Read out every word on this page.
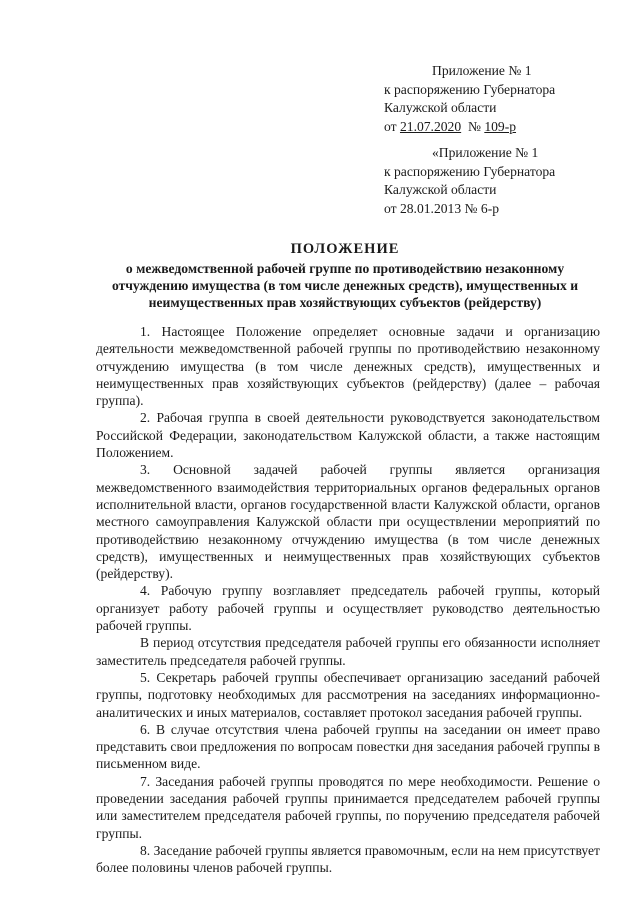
Приложение № 1
к распоряжению Губернатора
Калужской области
от 21.07.2020  № 109-р
«Приложение № 1
к распоряжению Губернатора
Калужской области
от 28.01.2013 № 6-р
ПОЛОЖЕНИЕ
о межведомственной рабочей группе по противодействию незаконному отчуждению имущества (в том числе денежных средств), имущественных и неимущественных прав хозяйствующих субъектов (рейдерству)

1. Настоящее Положение определяет основные задачи и организацию деятельности межведомственной рабочей группы по противодействию незаконному отчуждению имущества (в том числе денежных средств), имущественных и неимущественных прав хозяйствующих субъектов (рейдерству) (далее – рабочая группа).

2. Рабочая группа в своей деятельности руководствуется законодательством Российской Федерации, законодательством Калужской области, а также настоящим Положением.

3. Основной задачей рабочей группы является организация межведомственного взаимодействия территориальных органов федеральных органов исполнительной власти, органов государственной власти Калужской области, органов местного самоуправления Калужской области при осуществлении мероприятий по противодействию незаконному отчуждению имущества (в том числе денежных средств), имущественных и неимущественных прав хозяйствующих субъектов (рейдерству).

4. Рабочую группу возглавляет председатель рабочей группы, который организует работу рабочей группы и осуществляет руководство деятельностью рабочей группы.

В период отсутствия председателя рабочей группы его обязанности исполняет заместитель председателя рабочей группы.

5. Секретарь рабочей группы обеспечивает организацию заседаний рабочей группы, подготовку необходимых для рассмотрения на заседаниях информационно-аналитических и иных материалов, составляет протокол заседания рабочей группы.

6. В случае отсутствия члена рабочей группы на заседании он имеет право представить свои предложения по вопросам повестки дня заседания рабочей группы в письменном виде.

7. Заседания рабочей группы проводятся по мере необходимости. Решение о проведении заседания рабочей группы принимается председателем рабочей группы или заместителем председателя рабочей группы, по поручению председателя рабочей группы.

8. Заседание рабочей группы является правомочным, если на нем присутствует более половины членов рабочей группы.
